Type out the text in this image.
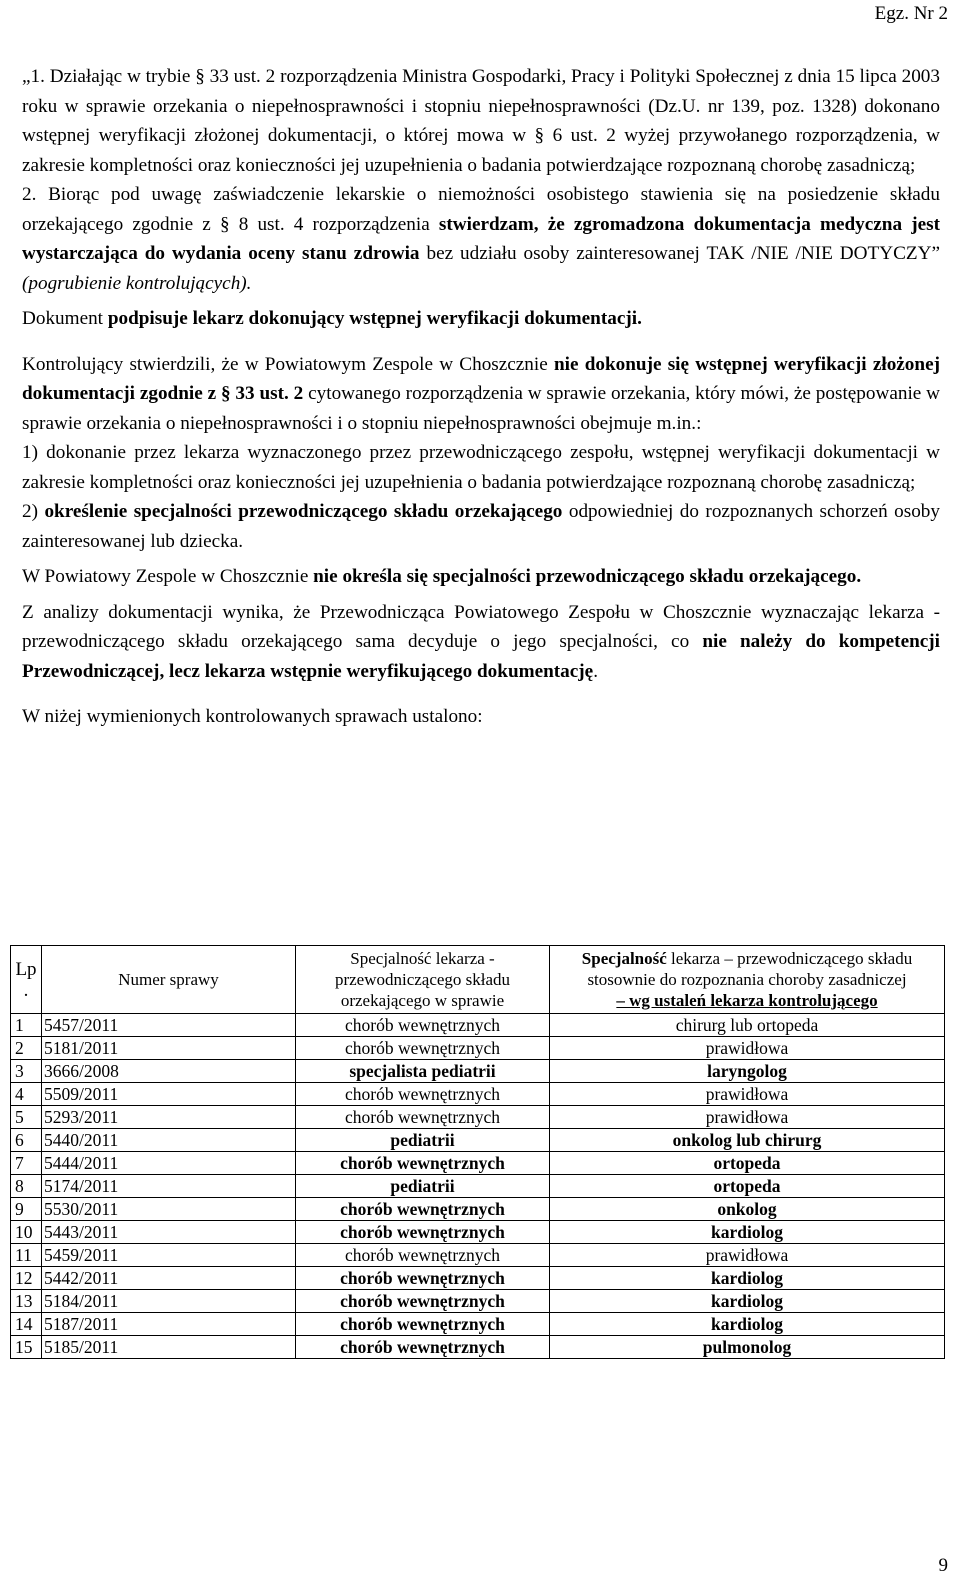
Egz. Nr 2

„1. Działając w trybie § 33 ust. 2 rozporządzenia Ministra Gospodarki, Pracy i Polityki Społecznej z dnia 15 lipca 2003 roku w sprawie orzekania o niepełnosprawności i stopniu niepełnosprawności (Dz.U. nr 139, poz. 1328) dokonano wstępnej weryfikacji złożonej dokumentacji, o której mowa w § 6 ust. 2 wyżej przywołanego rozporządzenia, w zakresie kompletności oraz konieczności jej uzupełnienia o badania potwierdzające rozpoznaną chorobę zasadniczą;

2. Biorąc pod uwagę zaświadczenie lekarskie o niemożności osobistego stawienia się na posiedzenie składu orzekającego zgodnie z § 8 ust. 4 rozporządzenia stwierdzam, że zgromadzona dokumentacja medyczna jest wystarczająca do wydania oceny stanu zdrowia bez udziału osoby zainteresowanej TAK /NIE /NIE DOTYCZY” (pogrubienie kontrolujących).

Dokument podpisuje lekarz dokonujący wstępnej weryfikacji dokumentacji.

Kontrolujący stwierdzili, że w Powiatowym Zespole w Choszcznie nie dokonuje się wstępnej weryfikacji złożonej dokumentacji zgodnie z § 33 ust. 2 cytowanego rozporządzenia w sprawie orzekania, który mówi, że postępowanie w sprawie orzekania o niepełnosprawności i o stopniu niepełnosprawności obejmuje m.in.:

1) dokonanie przez lekarza wyznaczonego przez przewodniczącego zespołu, wstępnej weryfikacji dokumentacji w zakresie kompletności oraz konieczności jej uzupełnienia o badania potwierdzające rozpoznaną chorobę zasadniczą;

2) określenie specjalności przewodniczącego składu orzekającego odpowiedniej do rozpoznanych schorzeń osoby zainteresowanej lub dziecka.

W Powiatowy Zespole w Choszcznie nie określa się specjalności przewodniczącego składu orzekającego.

Z analizy dokumentacji wynika, że Przewodnicząca Powiatowego Zespołu w Choszcznie wyznaczając lekarza - przewodniczącego składu orzekającego sama decyduje o jego specjalności, co nie należy do kompetencji Przewodniczącej, lecz lekarza wstępnie weryfikującego dokumentację.

W niżej wymienionych kontrolowanych sprawach ustalono:

Lp .	Numer sprawy	Specjalność lekarza - przewodniczącego składu orzekającego w sprawie	Specjalność lekarza – przewodniczącego składu stosownie do rozpoznania choroby zasadniczej
– wg ustaleń lekarza kontrolującego
1	5457/2011	chorób wewnętrznych	chirurg lub ortopeda
2	5181/2011	chorób wewnętrznych	prawidłowa
3	3666/2008	specjalista pediatrii	laryngolog
4	5509/2011	chorób wewnętrznych	prawidłowa
5	5293/2011	chorób wewnętrznych	prawidłowa
6	5440/2011	pediatrii	onkolog lub chirurg
7	5444/2011	chorób wewnętrznych	ortopeda
8	5174/2011	pediatrii	ortopeda
9	5530/2011	chorób wewnętrznych	onkolog
10	5443/2011	chorób wewnętrznych	kardiolog
11	5459/2011	chorób wewnętrznych	prawidłowa
12	5442/2011	chorób wewnętrznych	kardiolog
13	5184/2011	chorób wewnętrznych	kardiolog
14	5187/2011	chorób wewnętrznych	kardiolog
15	5185/2011	chorób wewnętrznych	pulmonolog
9
